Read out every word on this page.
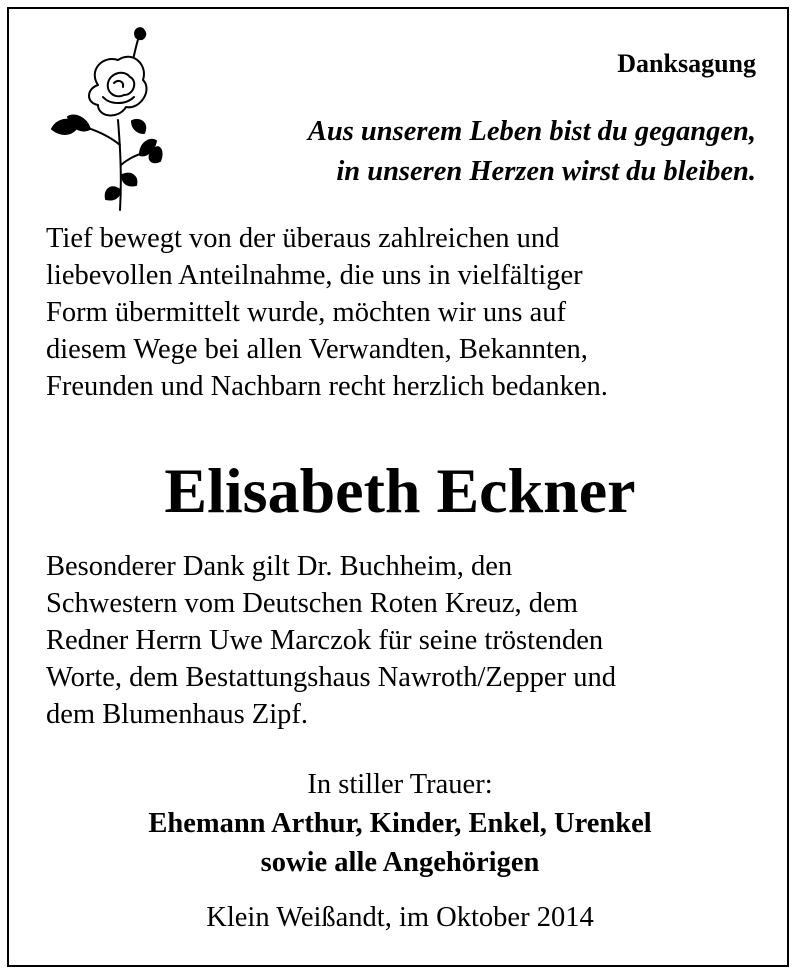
Danksagung
Aus unserem Leben bist du gegangen,
in unseren Herzen wirst du bleiben.

Tief bewegt von der überaus zahlreichen und
liebevollen Anteilnahme, die uns in vielfältiger
Form übermittelt wurde, möchten wir uns auf
diesem Wege bei allen Verwandten, Bekannten,
Freunden und Nachbarn recht herzlich bedanken.

Elisabeth Eckner

Besonderer Dank gilt Dr. Buchheim, den
Schwestern vom Deutschen Roten Kreuz, dem
Redner Herrn Uwe Marczok für seine tröstenden
Worte, dem Bestattungshaus Nawroth/Zepper und
dem Blumenhaus Zipf.

In stiller Trauer:
Ehemann Arthur, Kinder, Enkel, Urenkel
sowie alle Angehörigen
Klein Weißandt, im Oktober 2014
